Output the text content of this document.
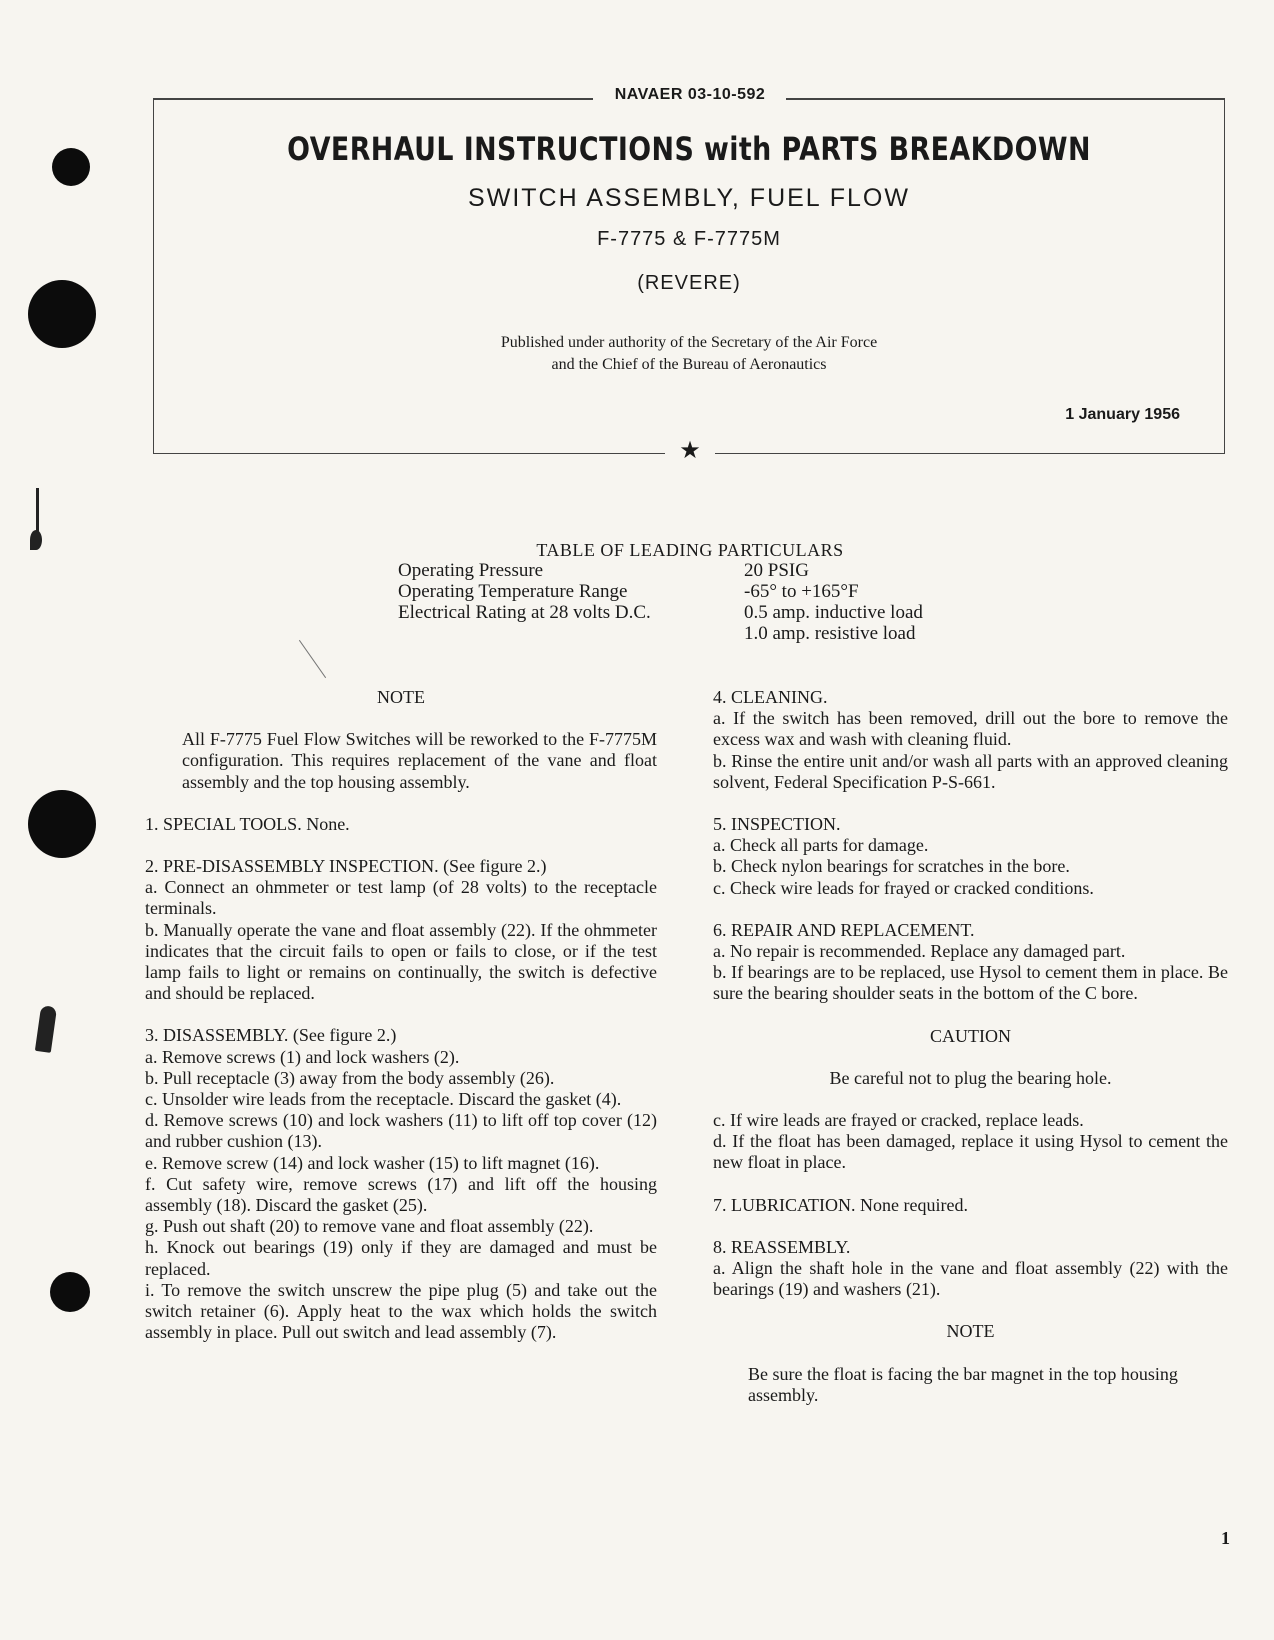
NAVAER 03-10-592
OVERHAUL INSTRUCTIONS with PARTS BREAKDOWN
SWITCH ASSEMBLY, FUEL FLOW
F-7775 & F-7775M
(REVERE)
Published under authority of the Secretary of the Air Force
and the Chief of the Bureau of Aeronautics
1 January 1956
★
TABLE OF LEADING PARTICULARS
Operating Pressure	20 PSIG
Operating Temperature Range	-65° to +165°F
Electrical Rating at 28 volts D.C.	0.5 amp. inductive load
1.0 amp. resistive load

NOTE

All F-7775 Fuel Flow Switches will be reworked to the F-7775M configuration. This requires replacement of the vane and float assembly and the top housing assembly.

1. SPECIAL TOOLS. None.

2. PRE-DISASSEMBLY INSPECTION. (See figure 2.)

a. Connect an ohmmeter or test lamp (of 28 volts) to the receptacle terminals.

b. Manually operate the vane and float assembly (22). If the ohmmeter indicates that the circuit fails to open or fails to close, or if the test lamp fails to light or remains on continually, the switch is defective and should be replaced.

3. DISASSEMBLY. (See figure 2.)

a. Remove screws (1) and lock washers (2).

b. Pull receptacle (3) away from the body assembly (26).

c. Unsolder wire leads from the receptacle. Discard the gasket (4).

d. Remove screws (10) and lock washers (11) to lift off top cover (12) and rubber cushion (13).

e. Remove screw (14) and lock washer (15) to lift magnet (16).

f. Cut safety wire, remove screws (17) and lift off the housing assembly (18). Discard the gasket (25).

g. Push out shaft (20) to remove vane and float assembly (22).

h. Knock out bearings (19) only if they are damaged and must be replaced.

i. To remove the switch unscrew the pipe plug (5) and take out the switch retainer (6). Apply heat to the wax which holds the switch assembly in place. Pull out switch and lead assembly (7).

4. CLEANING.

a. If the switch has been removed, drill out the bore to remove the excess wax and wash with cleaning fluid.

b. Rinse the entire unit and/or wash all parts with an approved cleaning solvent, Federal Specification P-S-661.

5. INSPECTION.

a. Check all parts for damage.

b. Check nylon bearings for scratches in the bore.

c. Check wire leads for frayed or cracked conditions.

6. REPAIR AND REPLACEMENT.

a. No repair is recommended. Replace any damaged part.

b. If bearings are to be replaced, use Hysol to cement them in place. Be sure the bearing shoulder seats in the bottom of the C bore.

CAUTION

Be careful not to plug the bearing hole.

c. If wire leads are frayed or cracked, replace leads.

d. If the float has been damaged, replace it using Hysol to cement the new float in place.

7. LUBRICATION. None required.

8. REASSEMBLY.

a. Align the shaft hole in the vane and float assembly (22) with the bearings (19) and washers (21).

NOTE

Be sure the float is facing the bar magnet in the top housing assembly.

1
